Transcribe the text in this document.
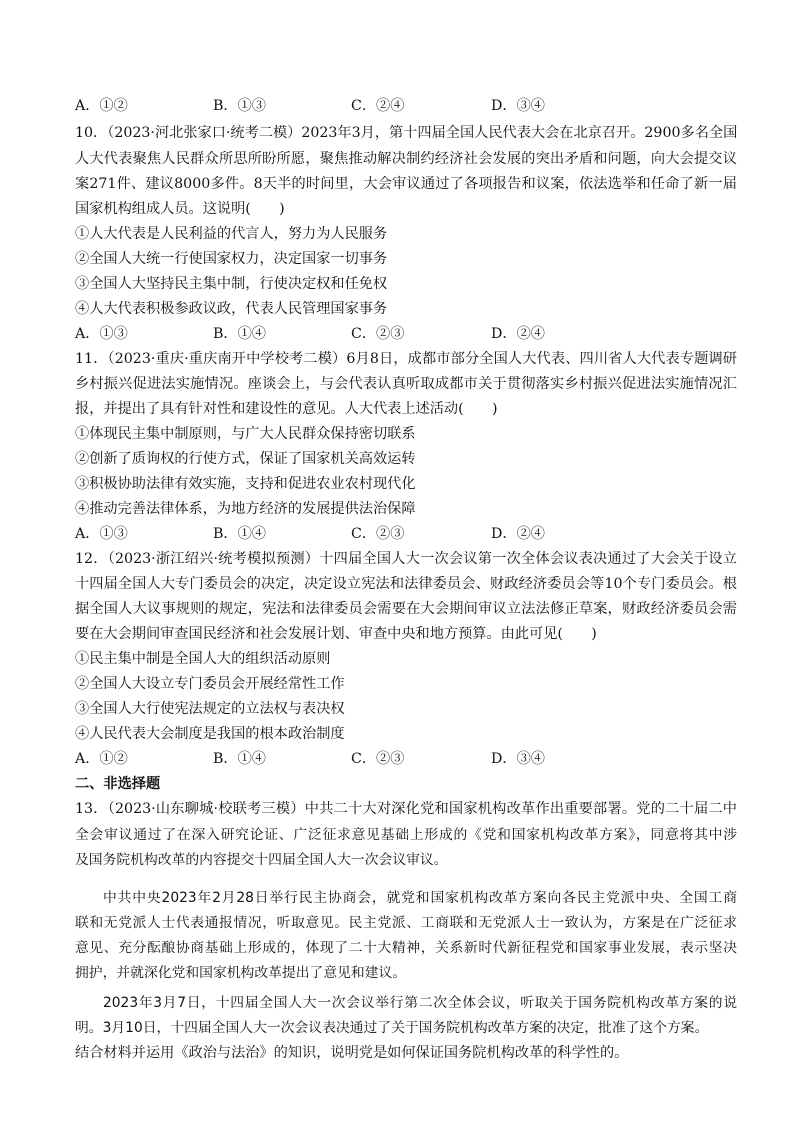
A．①②	B．①③	C．②④	D．③④
10．（2023·河北张家口·统考二模）2023年3月，第十四届全国人民代表大会在北京召开。2900多名全国
人大代表聚焦人民群众所思所盼所愿，聚焦推动解决制约经济社会发展的突出矛盾和问题，向大会提交议
案271件、建议8000多件。8天半的时间里，大会审议通过了各项报告和议案，依法选举和任命了新一届
国家机构组成人员。这说明(　　)
①人大代表是人民利益的代言人，努力为人民服务
②全国人大统一行使国家权力，决定国家一切事务
③全国人大坚持民主集中制，行使决定权和任免权
④人大代表积极参政议政，代表人民管理国家事务
A．①③	B．①④	C．②③	D．②④
11．（2023·重庆·重庆南开中学校考二模）6月8日，成都市部分全国人大代表、四川省人大代表专题调研
乡村振兴促进法实施情况。座谈会上，与会代表认真听取成都市关于贯彻落实乡村振兴促进法实施情况汇
报，并提出了具有针对性和建设性的意见。人大代表上述活动(　　)
①体现民主集中制原则，与广大人民群众保持密切联系
②创新了质询权的行使方式，保证了国家机关高效运转
③积极协助法律有效实施，支持和促进农业农村现代化
④推动完善法律体系，为地方经济的发展提供法治保障
A．①③	B．①④	C．②③	D．②④
12．（2023·浙江绍兴·统考模拟预测）十四届全国人大一次会议第一次全体会议表决通过了大会关于设立
十四届全国人大专门委员会的决定，决定设立宪法和法律委员会、财政经济委员会等10个专门委员会。根
据全国人大议事规则的规定，宪法和法律委员会需要在大会期间审议立法法修正草案，财政经济委员会需
要在大会期间审查国民经济和社会发展计划、审查中央和地方预算。由此可见(　　)
①民主集中制是全国人大的组织活动原则
②全国人大设立专门委员会开展经常性工作
③全国人大行使宪法规定的立法权与表决权
④人民代表大会制度是我国的根本政治制度
A．①②	B．①④	C．②③	D．③④
二、非选择题
13．（2023·山东聊城·校联考三模）中共二十大对深化党和国家机构改革作出重要部署。党的二十届二中
全会审议通过了在深入研究论证、广泛征求意见基础上形成的《党和国家机构改革方案》，同意将其中涉
及国务院机构改革的内容提交十四届全国人大一次会议审议。
中共中央2023年2月28日举行民主协商会，就党和国家机构改革方案向各民主党派中央、全国工商
联和无党派人士代表通报情况，听取意见。民主党派、工商联和无党派人士一致认为，方案是在广泛征求
意见、充分酝酿协商基础上形成的，体现了二十大精神，关系新时代新征程党和国家事业发展，表示坚决
拥护，并就深化党和国家机构改革提出了意见和建议。
2023年3月7日，十四届全国人大一次会议举行第二次全体会议，听取关于国务院机构改革方案的说
明。3月10日，十四届全国人大一次会议表决通过了关于国务院机构改革方案的决定，批准了这个方案。
结合材料并运用《政治与法治》的知识，说明党是如何保证国务院机构改革的科学性的。
